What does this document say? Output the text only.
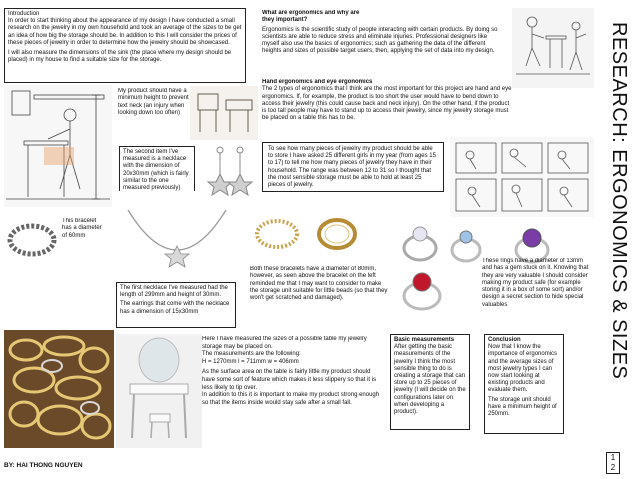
Introduction
In order to start thinking about the appearance of my design I have conducted a small research on the jewelry in my own household and took an average of the sizes to be get an idea of how big the storage should be. In addition to this I will consider the prices of these pieces of jewelry in order to determine how the jewelry should be showcased.
I will also measure the dimensions of the sink (the place where my design should be placed) in my house to find a suitable size for the storage.
What are ergonomics and why are they important?
Ergonomics is the scientific study of people interacting with certain products. By doing so scientists are able to reduce stress and eliminate injuries. Professional designers like myself also use the basics of ergonomics; such as gathering the data of the different heights and sizes of possible target users, then, applying the set of data into my design.
Hand ergonomics and eye ergonomics
The 2 types of ergonomics that I think are the most important for this project are hand and eye ergonomics. If, for example, the product is too short the user would have to bend down to access their jewelry (this could cause back and neck injury). On the other hand, if the product is too tall people may have to stand up to access their jewelry, since my jewelry storage must be placed on a table this has to be.
My product should have a minimum height to prevent text neck (an injury when looking down too often)
The second item I've measured is a necklace with the dimension of 20x30mm (which is fairly similar to the one measured previously)
To see how many pieces of jewelry my product should be able to store I have asked 25 different girls in my year (from ages 15 to 17) to tell me how many pieces of jewelry they have in their household. The range was between 12 to 31 so I thought that the most sensible storage must be able to hold at least 25 pieces of jewelry.
This bracelet has a diameter of 60mm
The first necklace I've measured had the length of 299mm and height of 30mm.
The earrings that come with the necklace has a dimension of 15x30mm
Both these bracelets have a diameter of 80mm, however, as seen above the bracelet on the left reminded me that I may want to consider to make the storage unit suitable for little beads (so that they won't get scratched and damaged).
These rings have a diameter of 13mm and has a gem stuck on it. Knowing that they are very valuable I should consider making my product safe (for example storing it in a box of some sort) and/or design a secret section to hide special valuables
Here I have measured the sizes of a possible table my jewelry storage may be placed on.
The measurements are the following:
H = 1270mm l = 711mm w = 406mm
As the surface area on the table is fairly little my product should have some sort of feature which makes it less slippery so that it is less likely to tip over.
In addition to this it is important to make my product strong enough so that the items inside would stay safe after a small fall.
Basic measurements
After getting the basic measurements of the jewelry I think the most sensible thing to do is creating a storage that can store up to 25 pieces of jewelry (I will decide on the configurations later on when developing a product).
Conclusion
Now that I know the importance of ergonomics and the average sizes of most jewelry types I can now start looking at existing products and evaluate them.
The storage unit should have a minimum height of 250mm.
RESEARCH: ERGONOMICS & SIZES
1
2
BY: HAI THONG NGUYEN
